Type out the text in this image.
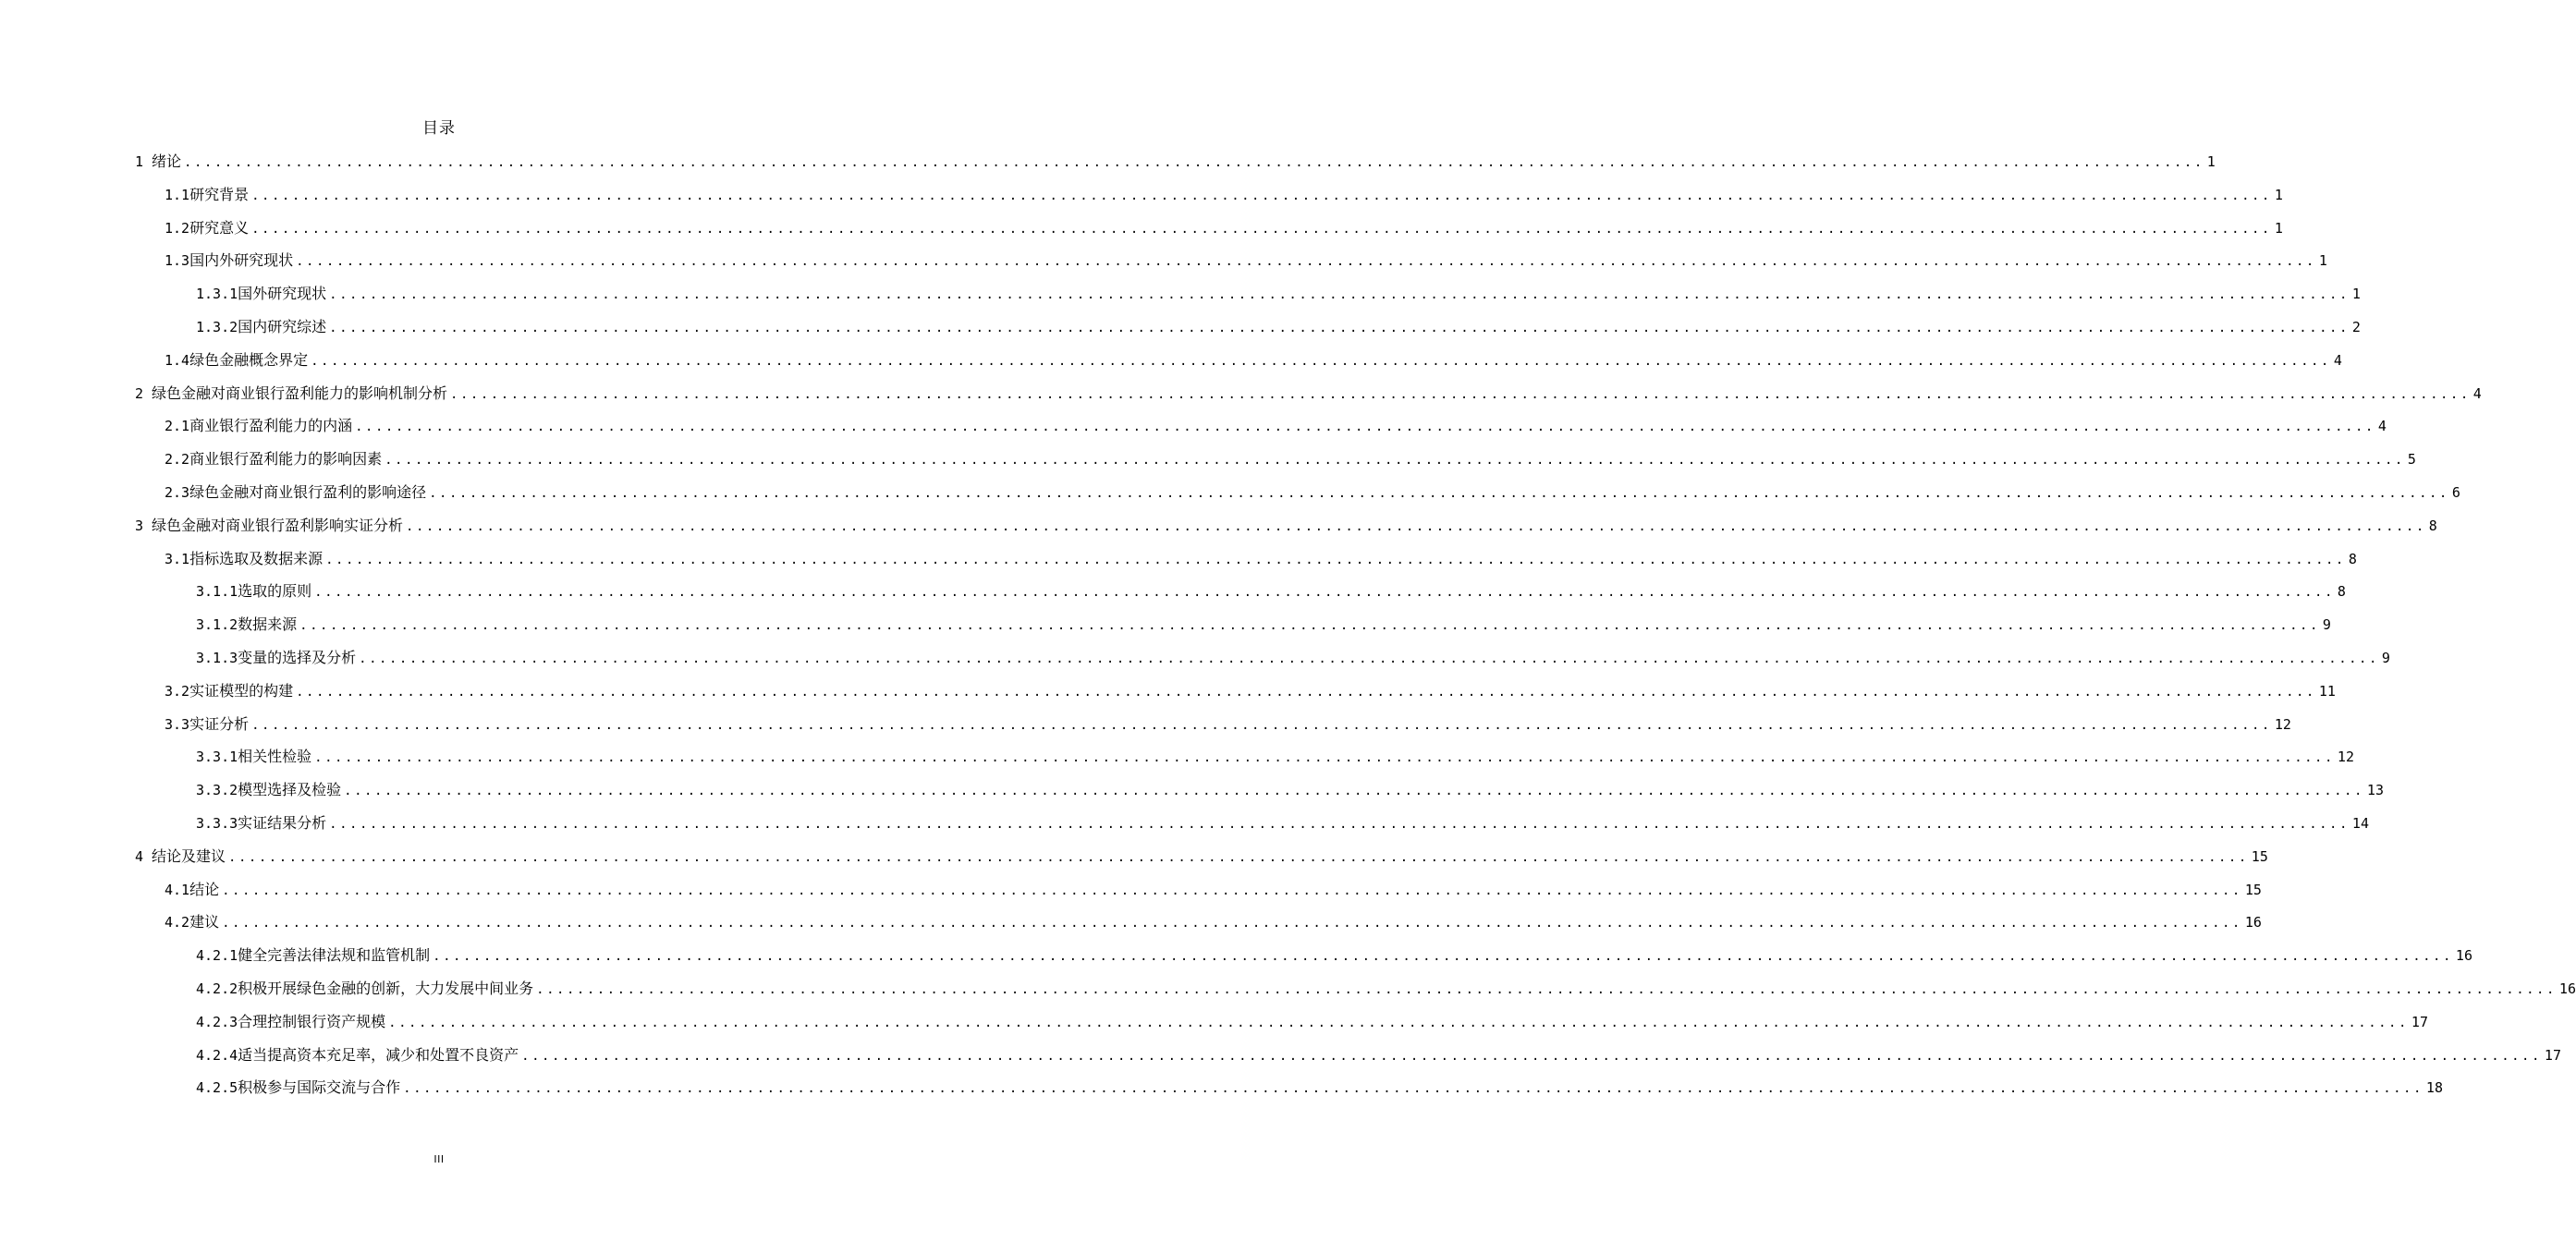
目录
1 绪论 ........................................................................................................................................................................................................ 1
1.1 研究背景 ........................................................................................................................................................................................................ 1
1.2 研究意义 ........................................................................................................................................................................................................ 1
1.3 国内外研究现状 ........................................................................................................................................................................................................ 1
1.3.1 国外研究现状 ........................................................................................................................................................................................................ 1
1.3.2 国内研究综述 ........................................................................................................................................................................................................ 2
1.4 绿色金融概念界定 ........................................................................................................................................................................................................ 4
2 绿色金融对商业银行盈利能力的影响机制分析 ........................................................................................................................................................................................................ 4
2.1 商业银行盈利能力的内涵 ........................................................................................................................................................................................................ 4
2.2 商业银行盈利能力的影响因素 ........................................................................................................................................................................................................ 5
2.3 绿色金融对商业银行盈利的影响途径 ........................................................................................................................................................................................................ 6
3 绿色金融对商业银行盈利影响实证分析 ........................................................................................................................................................................................................ 8
3.1 指标选取及数据来源 ........................................................................................................................................................................................................ 8
3.1.1 选取的原则 ........................................................................................................................................................................................................ 8
3.1.2 数据来源 ........................................................................................................................................................................................................ 9
3.1.3 变量的选择及分析 ........................................................................................................................................................................................................ 9
3.2 实证模型的构建 ........................................................................................................................................................................................................ 11
3.3 实证分析 ........................................................................................................................................................................................................ 12
3.3.1 相关性检验 ........................................................................................................................................................................................................ 12
3.3.2 模型选择及检验 ........................................................................................................................................................................................................ 13
3.3.3 实证结果分析 ........................................................................................................................................................................................................ 14
4 结论及建议 ........................................................................................................................................................................................................ 15
4.1 结论 ........................................................................................................................................................................................................ 15
4.2 建议 ........................................................................................................................................................................................................ 16
4.2.1 健全完善法律法规和监管机制 ........................................................................................................................................................................................................ 16
4.2.2 积极开展绿色金融的创新，大力发展中间业务 ........................................................................................................................................................................................................ 16
4.2.3 合理控制银行资产规模 ........................................................................................................................................................................................................ 17
4.2.4 适当提高资本充足率，减少和处置不良资产 ........................................................................................................................................................................................................ 17
4.2.5 积极参与国际交流与合作 ........................................................................................................................................................................................................ 18
III
